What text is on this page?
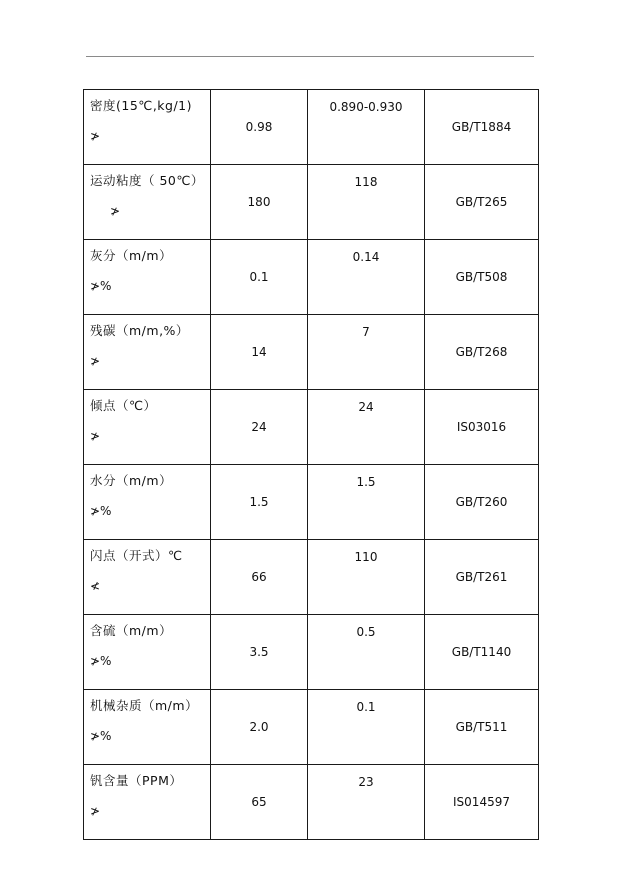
密度(15℃,kg/1)
≯	0.98	0.890-0.930	GB/T1884

运动粘度（ 50℃）
≯	180	118	GB/T265

灰分（m/m）
≯%	0.1	0.14	GB/T508

残碳（m/m,%）
≯	14	7	GB/T268

倾点（℃）
≯	24	24	IS03016

水分（m/m）
≯%	1.5	1.5	GB/T260

闪点（开式）℃
≮	66	110	GB/T261

含硫（m/m）
≯%	3.5	0.5	GB/T1140

机械杂质（m/m）
≯%	2.0	0.1	GB/T511

钒含量（PPM）
≯	65	23	IS014597
